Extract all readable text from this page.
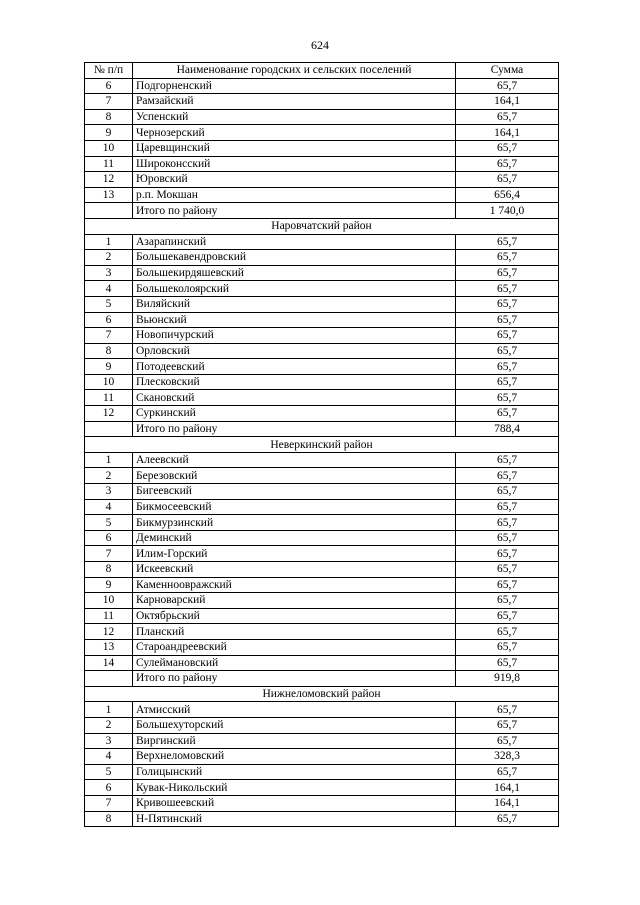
624
№ п/п	Наименование городских и сельских поселений	Сумма
6	Подгорненский	65,7
7	Рамзайский	164,1
8	Успенский	65,7
9	Чернозерский	164,1
10	Царевщинский	65,7
11	Широконсский	65,7
12	Юровский	65,7
13	р.п. Мокшан	656,4
	Итого по району	1 740,0
Наровчатский район		
1	Азарапинский	65,7
2	Большекавендровский	65,7
3	Большекирдяшевский	65,7
4	Большеколоярский	65,7
5	Виляйский	65,7
6	Вьюнский	65,7
7	Новопичурский	65,7
8	Орловский	65,7
9	Потодеевский	65,7
10	Плесковский	65,7
11	Скановский	65,7
12	Суркинский	65,7
	Итого по району	788,4
Неверкинский район		
1	Алеевский	65,7
2	Березовский	65,7
3	Бигеевский	65,7
4	Бикмосеевский	65,7
5	Бикмурзинский	65,7
6	Деминский	65,7
7	Илим-Горский	65,7
8	Искеевский	65,7
9	Каменноовражский	65,7
10	Карноварский	65,7
11	Октябрьский	65,7
12	Планский	65,7
13	Староандреевский	65,7
14	Сулеймановский	65,7
	Итого по району	919,8
Нижнеломовский район		
1	Атмисский	65,7
2	Большехуторский	65,7
3	Виргинский	65,7
4	Верхнеломовский	328,3
5	Голицынский	65,7
6	Кувак-Никольский	164,1
7	Кривошеевский	164,1
8	Н-Пятинский	65,7
